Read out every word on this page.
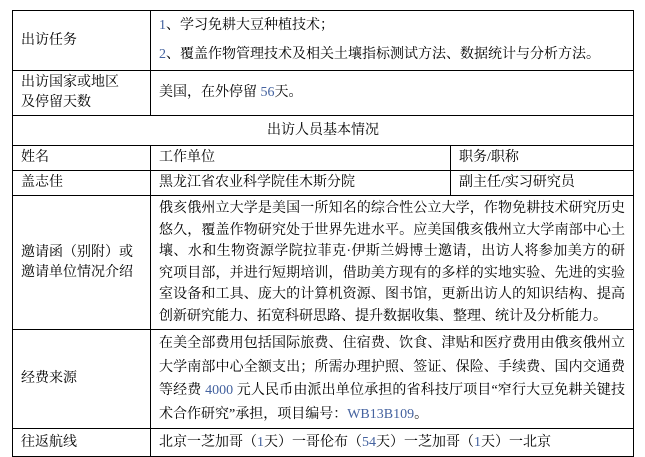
出访任务	1、学习免耕大豆种植技术；

2、覆盖作物管理技术及相关土壤指标测试方法、数据统计与分析方法。	

出访国家或地区
及停留天数	美国，在外停留 56天。	

出访人员基本情况		
姓名	工作单位	职务/职称
盖志佳	黑龙江省农业科学院佳木斯分院	副主任/实习研究员

邀请函（别附）或
邀请单位情况介绍	俄亥俄州立大学是美国一所知名的综合性公立大学，作物免耕技术研究历史悠久，覆盖作物研究处于世界先进水平。应美国俄亥俄州立大学南部中心土壤、水和生物资源学院拉菲克·伊斯兰姆博士邀请，出访人将参加美方的研究项目部，并进行短期培训，借助美方现有的多样的实地实验、先进的实验室设备和工具、庞大的计算机资源、图书馆，更新出访人的知识结构、提高创新研究能力、拓宽科研思路、提升数据收集、整理、统计及分析能力。	

经费来源	在美全部费用包括国际旅费、住宿费、饮食、津贴和医疗费用由俄亥俄州立大学南部中心全额支出；所需办理护照、签证、保险、手续费、国内交通费等经费 4000 元人民币由派出单位承担的省科技厅项目“窄行大豆免耕关键技术合作研究”承担，项目编号：WB13B109。	

往返航线	北京一芝加哥（1天）一哥伦布（54天）一芝加哥（1天）一北京	
